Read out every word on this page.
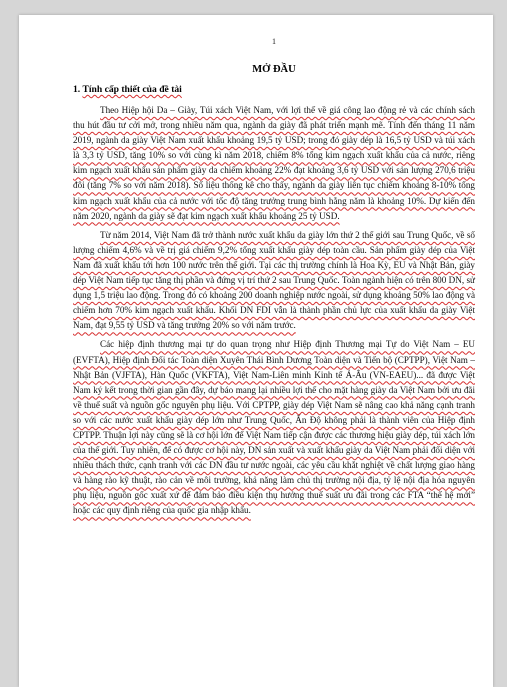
1
MỞ ĐẦU
1. Tính cấp thiết của đề tài

Theo Hiệp hội Da – Giày, Túi xách Việt Nam, với lợi thế về giá công lao động rẻ và các chính sách thu hút đầu tư cởi mở, trong nhiều năm qua, ngành da giày đã phát triển mạnh mẽ. Tính đến tháng 11 năm 2019, ngành da giày Việt Nam xuất khẩu khoảng 19,5 tỷ USD; trong đó giày dép là 16,5 tỷ USD và túi xách là 3,3 tỷ USD, tăng 10% so với cùng kì năm 2018, chiếm 8% tổng kim ngạch xuất khẩu của cả nước, riêng kim ngạch xuất khẩu sản phẩm giày da chiếm khoảng 22% đạt khoảng 3,6 tỷ USD với sản lượng 270,6 triệu đôi (tăng 7% so với năm 2018). Số liệu thống kê cho thấy, ngành da giày liên tục chiếm khoảng 8-10% tổng kim ngạch xuất khẩu của cả nước với tốc độ tăng trưởng trung bình hằng năm là khoảng 10%. Dự kiến đến năm 2020, ngành da giày sẽ đạt kim ngạch xuất khẩu khoảng 25 tỷ USD.

Từ năm 2014, Việt Nam đã trở thành nước xuất khẩu da giày lớn thứ 2 thế giới sau Trung Quốc, về số lượng chiếm 4,6% và về trị giá chiếm 9,2% tổng xuất khẩu giày dép toàn cầu. Sản phẩm giày dép của Việt Nam đã xuất khẩu tới hơn 100 nước trên thế giới. Tại các thị trường chính là Hoa Kỳ, EU và Nhật Bản, giày dép Việt Nam tiếp tục tăng thị phần và đứng vị trí thứ 2 sau Trung Quốc. Toàn ngành hiện có trên 800 DN, sử dụng 1,5 triệu lao động. Trong đó có khoảng 200 doanh nghiệp nước ngoài, sử dụng khoảng 50% lao động và chiếm hơn 70% kim ngạch xuất khẩu. Khối DN FDI vẫn là thành phần chủ lực của xuất khẩu da giày Việt Nam, đạt 9,55 tỷ USD và tăng trưởng 20% so với năm trước.

Các hiệp định thương mại tự do quan trọng như Hiệp định Thương mại Tự do Việt Nam – EU (EVFTA), Hiệp định Đối tác Toàn diện Xuyên Thái Bình Dương Toàn diện và Tiến bộ (CPTPP), Việt Nam – Nhật Bản (VJFTA), Hàn Quốc (VKFTA), Việt Nam-Liên minh Kinh tế Á-Âu (VN-EAEU)... đã được Việt Nam ký kết trong thời gian gần đây, dự báo mang lại nhiều lợi thế cho mặt hàng giày da Việt Nam bởi ưu đãi về thuế suất và nguồn gốc nguyên phụ liệu. Với CPTPP, giày dép Việt Nam sẽ nâng cao khả năng cạnh tranh so với các nước xuất khẩu giày dép lớn như Trung Quốc, Ấn Độ không phải là thành viên của Hiệp định CPTPP. Thuận lợi này cũng sẽ là cơ hội lớn để Việt Nam tiếp cận được các thương hiệu giày dép, túi xách lớn của thế giới. Tuy nhiên, để có được cơ hội này, DN sản xuất và xuất khẩu giày da Việt Nam phải đối diện với nhiều thách thức, cạnh tranh với các DN đầu tư nước ngoài, các yêu cầu khắt nghiệt về chất lượng giao hàng và hàng rào kỹ thuật, rào cản về môi trường, khả năng làm chủ thị trường nội địa, tỷ lệ nội địa hóa nguyên phụ liệu, nguồn gốc xuất xứ để đảm bảo điều kiện thụ hưởng thuế suất ưu đãi trong các FTA “thế hệ mới” hoặc các quy định riêng của quốc gia nhập khẩu.
